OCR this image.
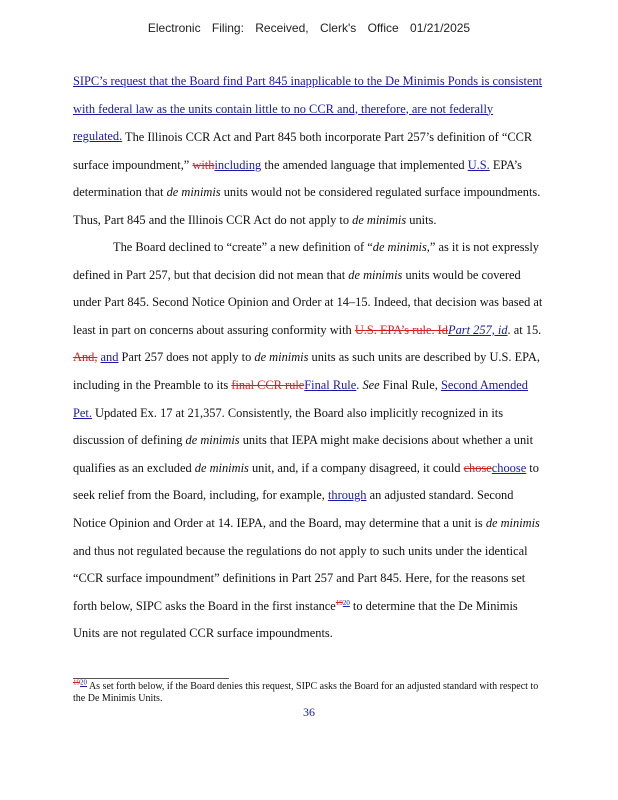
Electronic Filing: Received, Clerk's Office 01/21/2025

SIPC’s request that the Board find Part 845 inapplicable to the De Minimis Ponds is consistent with federal law as the units contain little to no CCR and, therefore, are not federally regulated. The Illinois CCR Act and Part 845 both incorporate Part 257’s definition of “CCR surface impoundment,” withincluding the amended language that implemented U.S. EPA’s determination that de minimis units would not be considered regulated surface impoundments. Thus, Part 845 and the Illinois CCR Act do not apply to de minimis units.

The Board declined to “create” a new definition of “de minimis,” as it is not expressly defined in Part 257, but that decision did not mean that de minimis units would be covered under Part 845. Second Notice Opinion and Order at 14–15. Indeed, that decision was based at least in part on concerns about assuring conformity with U.S. EPA’s rule. IdPart 257, id. at 15. And, and Part 257 does not apply to de minimis units as such units are described by U.S. EPA, including in the Preamble to its final CCR ruleFinal Rule. See Final Rule, Second Amended Pet. Updated Ex. 17 at 21,357. Consistently, the Board also implicitly recognized in its discussion of defining de minimis units that IEPA might make decisions about whether a unit qualifies as an excluded de minimis unit, and, if a company disagreed, it could chosechoose to seek relief from the Board, including, for example, through an adjusted standard. Second Notice Opinion and Order at 14. IEPA, and the Board, may determine that a unit is de minimis and thus not regulated because the regulations do not apply to such units under the identical “CCR surface impoundment” definitions in Part 257 and Part 845. Here, for the reasons set forth below, SIPC asks the Board in the first instance$^{1920}$ to determine that the De Minimis Units are not regulated CCR surface impoundments.

$^{1920}$ As set forth below, if the Board denies this request, SIPC asks the Board for an adjusted standard with respect to the De Minimis Units.
36
